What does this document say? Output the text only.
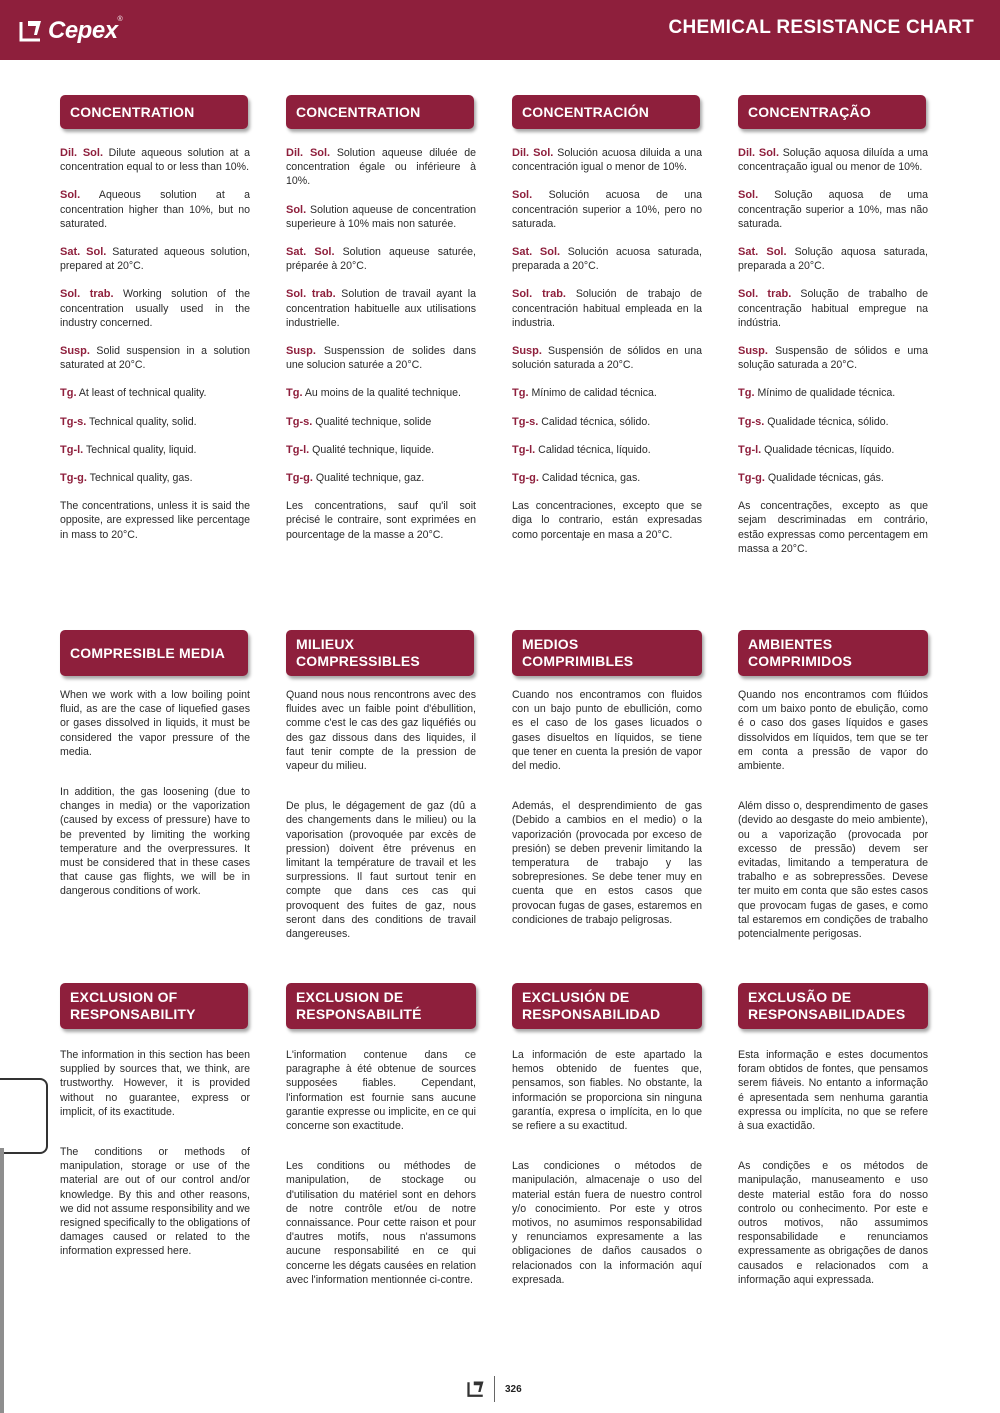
Cepex ®	CHEMICAL RESISTANCE CHART
CONCENTRATION	CONCENTRATION	CONCENTRACIÓN	CONCENTRAÇÃO

Dil. Sol. Dilute aqueous solution at a concentration equal to or less than 10%.

Sol. Aqueous solution at a concentration higher than 10%, but no saturated.

Sat. Sol. Saturated aqueous solution, prepared at 20°C.

Sol. trab. Working solution of the concentration usually used in the industry concerned.

Susp. Solid suspension in a solution saturated at 20°C.

Tg. At least of technical quality.

Tg-s. Technical quality, solid.

Tg-l. Technical quality, liquid.

Tg-g. Technical quality, gas.

The concentrations, unless it is said the opposite, are expressed like percentage in mass to 20°C.

Dil. Sol. Solution aqueuse diluée de concentration égale ou inférieure à 10%.

Sol. Solution aqueuse de concentration superieure à 10% mais non saturée.

Sat. Sol. Solution aqueuse saturée, préparée à 20°C.

Sol. trab. Solution de travail ayant la concentration habituelle aux utilisations industrielle.

Susp. Suspenssion de solides dans une solucion saturée a 20°C.

Tg. Au moins de la qualité technique.

Tg-s. Qualité technique, solide

Tg-l. Qualité technique, liquide.

Tg-g. Qualité technique, gaz.

Les concentrations, sauf qu'il soit précisé le contraire, sont exprimées en pourcentage de la masse a 20°C.

Dil. Sol. Solución acuosa diluida a una concentración igual o menor de 10%.

Sol. Solución acuosa de una concentración superior a 10%, pero no saturada.

Sat. Sol. Solución acuosa saturada, preparada a 20°C.

Sol. trab. Solución de trabajo de concentración habitual empleada en la industria.

Susp. Suspensión de sólidos en una solución saturada a 20°C.

Tg. Mínimo de calidad técnica.

Tg-s. Calidad técnica, sólido.

Tg-l. Calidad técnica, líquido.

Tg-g. Calidad técnica, gas.

Las concentraciones, excepto que se diga lo contrario, están expresadas como porcentaje en masa a 20°C.

Dil. Sol. Solução aquosa diluída a uma concentraçaão igual ou menor de 10%.

Sol. Solução aquosa de uma concentração superior a 10%, mas não saturada.

Sat. Sol. Solução aquosa saturada, preparada a 20°C.

Sol. trab. Solução de trabalho de concentração habitual empregue na indústria.

Susp. Suspensão de sólidos e uma solução saturada a 20°C.

Tg. Mínimo de qualidade técnica.

Tg-s. Qualidade técnica, sólido.

Tg-l. Qualidade técnicas, líquido.

Tg-g. Qualidade técnicas, gás.

As concentrações, excepto as que sejam descriminadas em contrário, estão expressas como percentagem em massa a 20°C.

COMPRESIBLE MEDIA
MILIEUX COMPRESSIBLES
MEDIOS COMPRIMIBLES
AMBIENTES COMPRIMIDOS

When we work with a low boiling point fluid, as are the case of liquefied gases or gases dissolved in liquids, it must be considered the vapor pressure of the media.

In addition, the gas loosening (due to changes in media) or the vaporization (caused by excess of pressure) have to be prevented by limiting the working temperature and the overpressures. It must be considered that in these cases that cause gas flights, we will be in dangerous conditions of work.

Quand nous nous rencontrons avec des fluides avec un faible point d'ébullition, comme c'est le cas des gaz liquéfiés ou des gaz dissous dans des liquides, il faut tenir compte de la pression de vapeur du milieu.

De plus, le dégagement de gaz (dû a des changements dans le milieu) ou la vaporisation (provoquée par excès de pression) doivent être prévenus en limitant la température de travail et les surpressions. Il faut surtout tenir en compte que dans ces cas qui provoquent des fuites de gaz, nous seront dans des conditions de travail dangereuses.

Cuando nos encontramos con fluidos con un bajo punto de ebullición, como es el caso de los gases licuados o gases disueltos en líquidos, se tiene que tener en cuenta la presión de vapor del medio.

Además, el desprendimiento de gas (Debido a cambios en el medio) o la vaporización (provocada por exceso de presión) se deben prevenir limitando la temperatura de trabajo y las sobrepresiones. Se debe tener muy en cuenta que en estos casos que provocan fugas de gases, estaremos en condiciones de trabajo peligrosas.

Quando nos encontramos com flúidos com um baixo ponto de ebulição, como é o caso dos gases líquidos e gases dissolvidos em líquidos, tem que se ter em conta a pressão de vapor do ambiente.

Além disso o, desprendimento de gases (devido ao desgaste do meio ambiente), ou a vaporização (provocada por excesso de pressão) devem ser evitadas, limitando a temperatura de trabalho e as sobrepressões. Devese ter muito em conta que são estes casos que provocam fugas de gases, e como tal estaremos em condições de trabalho potencialmente perigosas.

EXCLUSION OF RESPONSABILITY
EXCLUSION DE RESPONSABILITÉ
EXCLUSIÓN DE RESPONSABILIDAD
EXCLUSÃO DE RESPONSABILIDADES

The information in this section has been supplied by sources that, we think, are trustworthy. However, it is provided without no guarantee, express or implicit, of its exactitude.

The conditions or methods of manipulation, storage or use of the material are out of our control and/or knowledge. By this and other reasons, we did not assume responsibility and we resigned specifically to the obligations of damages caused or related to the information expressed here.

L'information contenue dans ce paragraphe à été obtenue de sources supposées fiables. Cependant, l'information est fournie sans aucune garantie expresse ou implicite, en ce qui concerne son exactitude.

Les conditions ou méthodes de manipulation, de stockage ou d'utilisation du matériel sont en dehors de notre contrôle et/ou de notre connaissance. Pour cette raison et pour d'autres motifs, nous n'assumons aucune responsabilité en ce qui concerne les dégats causées en relation avec l'information mentionnée ci-contre.

La información de este apartado la hemos obtenido de fuentes que, pensamos, son fiables. No obstante, la información se proporciona sin ninguna garantía, expresa o implícita, en lo que se refiere a su exactitud.

Las condiciones o métodos de manipulación, almacenaje o uso del material están fuera de nuestro control y/o conocimiento. Por este y otros motivos, no asumimos responsabilidad y renunciamos expresamente a las obligaciones de daños causados o relacionados con la información aquí expresada.

Esta informação e estes documentos foram obtidos de fontes, que pensamos serem fiáveis. No entanto a informação é apresentada sem nenhuma garantia expressa ou implícita, no que se refere à sua exactidão.

As condições e os métodos de manipulação, manuseamento e uso deste material estão fora do nosso controlo ou conhecimento. Por este e outros motivos, não assumimos responsabilidade e renunciamos expressamente as obrigações de danos causados e relacionados com a informação aqui expressada.

326
